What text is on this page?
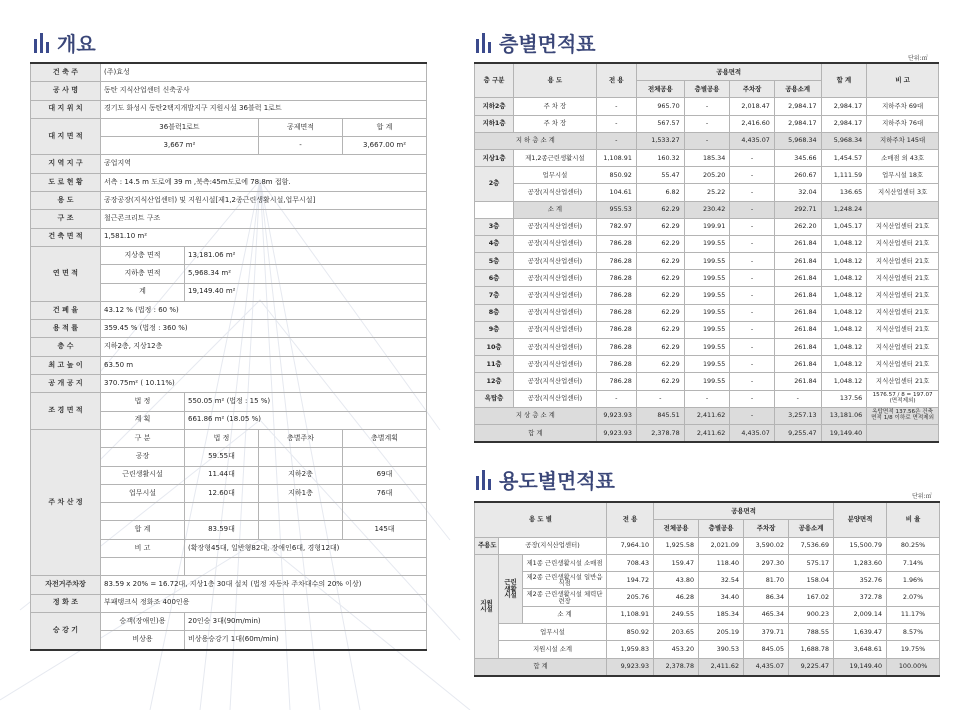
개요
건 축 주	(주)효성			
공 사 명	동탄 지식산업센터 신축공사			
대 지 위 치	경기도 화성시 동탄2택지개발지구 지원시설 36블럭 1로트			
대 지 면 적	36블럭1로트		공제면적	합 계
	3,667 m²		-	3,667.00 m²
지 역 지 구	공업지역			
도 로 현 황	서측 : 14.5 m 도로에 39 m ,북측:45m도로에 78.8m 접함.			
용 도	공장공장(지식산업센터) 및 지원시설[제1,2종근린생활시설,업무시설]			
구 조	철근콘크리트 구조			
건 축 면 적	1,581.10 m²			
연 면 적	지상층 면적	13,181.06 m²		
	지하층 면적	5,968.34 m²		
	계	19,149.40 m²		
건 폐 율	43.12 % (법정 : 60 %)			
용 적 률	359.45 % (법정 : 360 %)			
층 수	지하2층, 지상12층			
최 고 높 이	63.50 m			
공 개 공 지	370.75m² ( 10.11%)			
조 경 면 적	법 정	550.05 m² (법정 : 15 %)		
	계 획	661.86 m² (18.05 %)		
주 차 산 정	구 분	법 정	층별주차	층별계획
	공장	59.55대		
	근린생활시설	11.44대	지하2층	69대
	업무시설	12.60대	지하1층	76대

	합 계	83.59대		145대
	비 고	(확장형45대, 일반형82대, 장애인6대, 경형12대)		

자전거주차장	83.59 x 20% = 16.72대, 지상1층 30대 설치 (법정 자동차 주차대수의 20% 이상)			
정 화 조	부패탱크식 정화조 400인용			
승 강 기	승객(장애인)용	20인승 3대(90m/min)		
	비상용	비상용승강기 1대(60m/min)		
층별면적표
단위:㎡
층 구분	용 도	전 용	공용면적				합 계	비 고
			전체공용	층별공용	주차장	공용소계		
지하2층	주 차 장	-	965.70	-	2,018.47	2,984.17	2,984.17	지하주차 69대
지하1층	주 차 장	-	567.57	-	2,416.60	2,984.17	2,984.17	지하주차 76대
지 하 층 소 계		-	1,533.27	-	4,435.07	5,968.34	5,968.34	지하주차 145대
지상1층	제1,2종근린생활시설	1,108.91	160.32	185.34	-	345.66	1,454.57	소매점 외 43호
2층	업무시설	850.92	55.47	205.20	-	260.67	1,111.59	업무시설 18호
	공장(지식산업센터)	104.61	6.82	25.22	-	32.04	136.65	지식산업센터 3호
	소 계	955.53	62.29	230.42	-	292.71	1,248.24	
3층	공장(지식산업센터)	782.97	62.29	199.91	-	262.20	1,045.17	지식산업센터 21호
4층	공장(지식산업센터)	786.28	62.29	199.55	-	261.84	1,048.12	지식산업센터 21호
5층	공장(지식산업센터)	786.28	62.29	199.55	-	261.84	1,048.12	지식산업센터 21호
6층	공장(지식산업센터)	786.28	62.29	199.55	-	261.84	1,048.12	지식산업센터 21호
7층	공장(지식산업센터)	786.28	62.29	199.55	-	261.84	1,048.12	지식산업센터 21호
8층	공장(지식산업센터)	786.28	62.29	199.55	-	261.84	1,048.12	지식산업센터 21호
9층	공장(지식산업센터)	786.28	62.29	199.55	-	261.84	1,048.12	지식산업센터 21호
10층	공장(지식산업센터)	786.28	62.29	199.55	-	261.84	1,048.12	지식산업센터 21호
11층	공장(지식산업센터)	786.28	62.29	199.55	-	261.84	1,048.12	지식산업센터 21호
12층	공장(지식산업센터)	786.28	62.29	199.55	-	261.84	1,048.12	지식산업센터 21호
옥탑층	공장(지식산업센터)	-	-	-	-	-	137.56	1576.57 / 8 = 197.07 (면적제외)
지 상 층 소 계		9,923.93	845.51	2,411.62	-	3,257.13	13,181.06	옥탑면적 137.56은 건축면적 1/8 이하로 면적제외
합 계		9,923.93	2,378.78	2,411.62	4,435.07	9,255.47	19,149.40	
용도별면적표
단위:㎡
용 도 별			전 용	공용면적				분양면적	비 율
				전체공용	층별공용	주차장	공용소계		
주용도	공장(지식산업센터)		7,964.10	1,925.58	2,021.09	3,590.02	7,536.69	15,500.79	80.25%
지원 시설	근린 생활 시설	제1종 근린생활시설 소매점	708.43	159.47	118.40	297.30	575.17	1,283.60	7.14%
		제2종 근린생활시설 일반음식점	194.72	43.80	32.54	81.70	158.04	352.76	1.96%
		제2종 근린생활시설 체력단련장	205.76	46.28	34.40	86.34	167.02	372.78	2.07%
		소 계	1,108.91	249.55	185.34	465.34	900.23	2,009.14	11.17%
	업무시설		850.92	203.65	205.19	379.71	788.55	1,639.47	8.57%
	지원시설 소계		1,959.83	453.20	390.53	845.05	1,688.78	3,648.61	19.75%
합 계			9,923.93	2,378.78	2,411.62	4,435.07	9,225.47	19,149.40	100.00%
